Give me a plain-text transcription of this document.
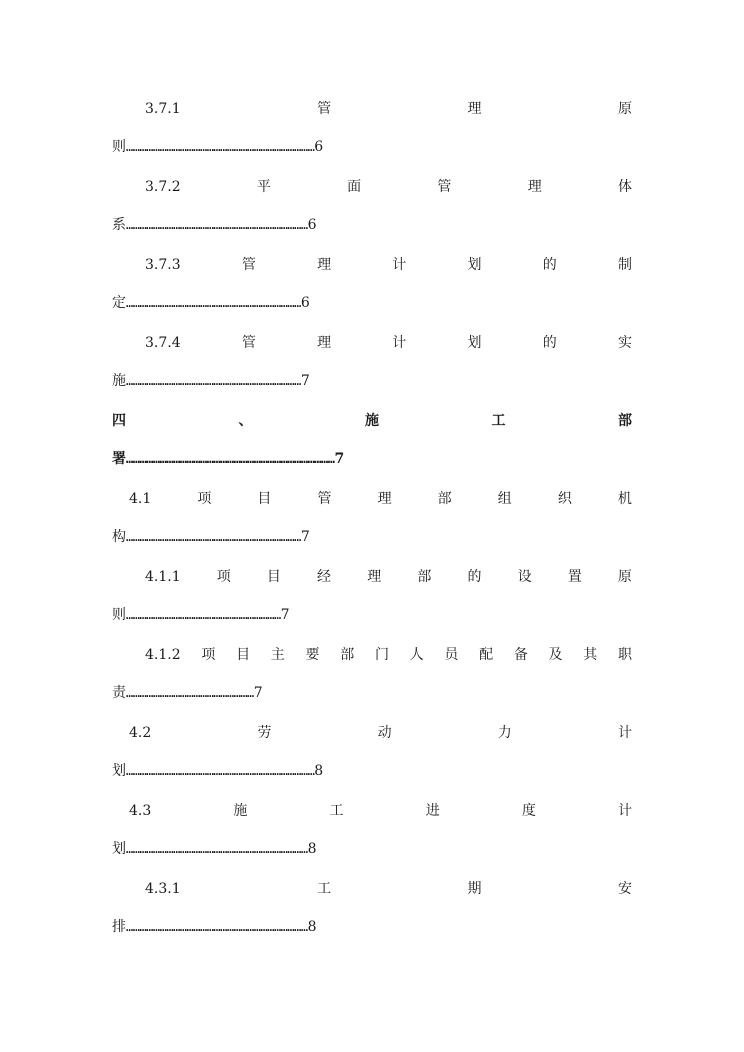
3.7.1	管	理	原
则…………………………………………………………………………6
3.7.2	平	面	管	理	体
系………………………………………………………………………6
3.7.3	管	理	计	划	的	制
定……………………………………………………………………6
3.7.4	管	理	计	划	的	实
施……………………………………………………………………7
四	、	施	工	部
署…………………………………………………………………………………7
4.1	项	目	管	理	部	组	织	机
构……………………………………………………………………7
4.1.1	项	目	经	理	部	的	设	置	原
则……………………………………………………………7
4.1.2 项 目 主 要 部 门 人 员 配 备 及 其 职
责…………………………………………………7
4.2	劳	动	力	计
划…………………………………………………………………………8
4.3	施	工	进	度	计
划………………………………………………………………………8
4.3.1	工	期	安
排………………………………………………………………………8
